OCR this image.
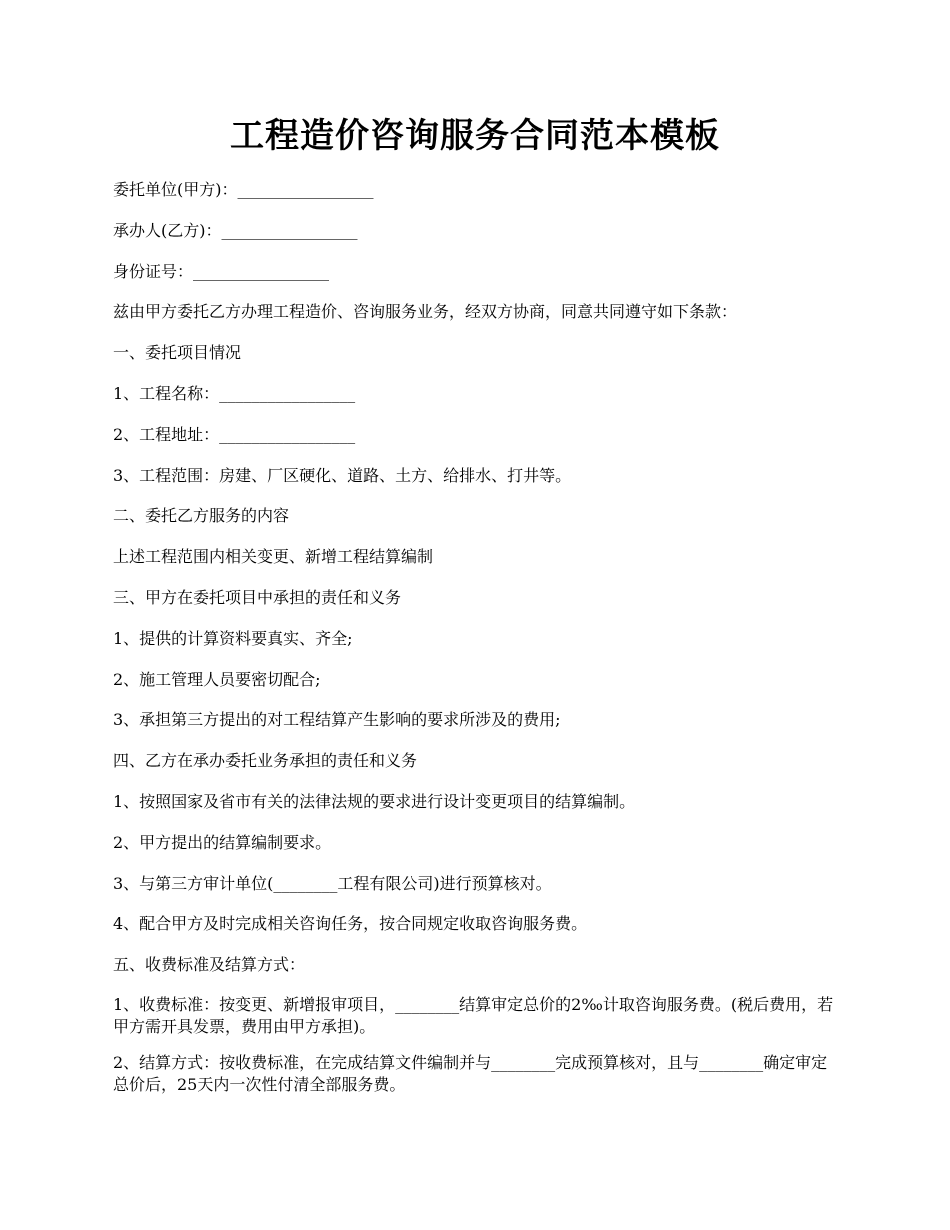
工程造价咨询服务合同范本模板
委托单位(甲方)：_________________
承办人(乙方)：_________________
身份证号：_________________
兹由甲方委托乙方办理工程造价、咨询服务业务，经双方协商，同意共同遵守如下条款：
一、委托项目情况
1、工程名称：_________________
2、工程地址：_________________
3、工程范围：房建、厂区硬化、道路、土方、给排水、打井等。
二、委托乙方服务的内容
上述工程范围内相关变更、新增工程结算编制
三、甲方在委托项目中承担的责任和义务
1、提供的计算资料要真实、齐全;
2、施工管理人员要密切配合;
3、承担第三方提出的对工程结算产生影响的要求所涉及的费用;
四、乙方在承办委托业务承担的责任和义务
1、按照国家及省市有关的法律法规的要求进行设计变更项目的结算编制。
2、甲方提出的结算编制要求。
3、与第三方审计单位(________工程有限公司)进行预算核对。
4、配合甲方及时完成相关咨询任务，按合同规定收取咨询服务费。
五、收费标准及结算方式：
1、收费标准：按变更、新增报审项目，________结算审定总价的2‰计取咨询服务费。(税后费用，若甲方需开具发票，费用由甲方承担)。
2、结算方式：按收费标准，在完成结算文件编制并与________完成预算核对，且与________确定审定总价后，25天内一次性付清全部服务费。
